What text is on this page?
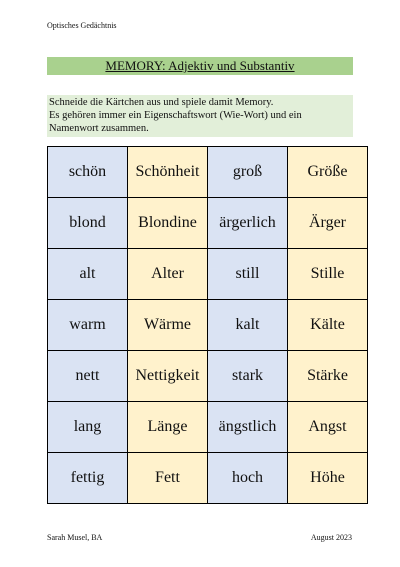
Optisches Gedächtnis
MEMORY: Adjektiv und Substantiv
Schneide die Kärtchen aus und spiele damit Memory.
Es gehören immer ein Eigenschaftswort (Wie-Wort) und ein
Namenwort zusammen.
schön	Schönheit	groß	Größe
blond	Blondine	ärgerlich	Ärger
alt	Alter	still	Stille
warm	Wärme	kalt	Kälte
nett	Nettigkeit	stark	Stärke
lang	Länge	ängstlich	Angst
fettig	Fett	hoch	Höhe
Sarah Musel, BA	August 2023
